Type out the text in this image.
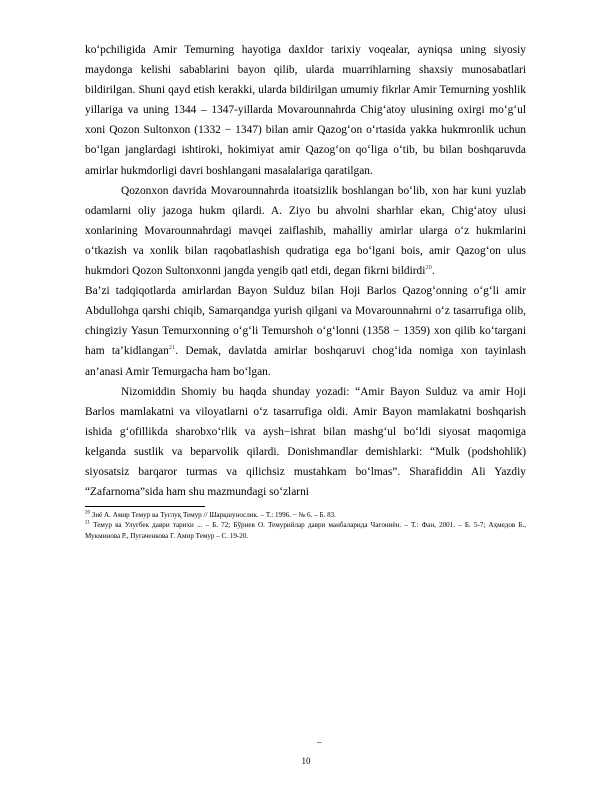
ko‘pchiligida Amir Temurning hayotiga daxldor tarixiy voqealar, ayniqsa uning siyosiy maydonga kelishi sabablarini bayon qilib, ularda muarrihlarning shaxsiy munosabatlari bildirilgan. Shuni qayd etish kerakki, ularda bildirilgan umumiy fikrlar Amir Temurning yoshlik yillariga va uning 1344 – 1347-yillarda Movarounnahrda Chig‘atoy ulusining oxirgi mo‘g‘ul xoni Qozon Sultonxon (1332 − 1347) bilan amir Qazog‘on o‘rtasida yakka hukmronlik uchun bo‘lgan janglardagi ishtiroki, hokimiyat amir Qazog‘on qo‘liga o‘tib, bu bilan boshqaruvda amirlar hukmdorligi davri boshlangani masalalariga qaratilgan.

Qozonxon davrida Movarounnahrda itoatsizlik boshlangan bo‘lib, xon har kuni yuzlab odamlarni oliy jazoga hukm qilardi. A. Ziyo bu ahvolni sharhlar ekan, Chig‘atoy ulusi xonlarining Movarounnahrdagi mavqei zaiflashib, mahalliy amirlar ularga o‘z hukmlarini o‘tkazish va xonlik bilan raqobatlashish qudratiga ega bo‘lgani bois, amir Qazog‘on ulus hukmdori Qozon Sultonxonni jangda yengib qatl etdi, degan fikrni bildirdi$^{20}$.

Ba’zi tadqiqotlarda amirlardan Bayon Sulduz bilan Hoji Barlos Qazog‘onning o‘g‘li amir Abdullohga qarshi chiqib, Samarqandga yurish qilgani va Movarounnahrni o‘z tasarrufiga olib, chingiziy Yasun Temurxonning o‘g‘li Temurshoh o‘g‘lonni (1358 − 1359) xon qilib ko‘targani ham ta’kidlangan$^{21}$. Demak, davlatda amirlar boshqaruvi chog‘ida nomiga xon tayinlash an’anasi Amir Temurgacha ham bo‘lgan.

Nizomiddin Shomiy bu haqda shunday yozadi: “Amir Bayon Sulduz va amir Hoji Barlos mamlakatni va viloyatlarni o‘z tasarrufiga oldi. Amir Bayon mamlakatni boshqarish ishida g‘ofillikda sharobxo‘rlik va aysh−ishrat bilan mashg‘ul bo‘ldi siyosat maqomiga kelganda sustlik va beparvolik qilardi. Donishmandlar demishlarki: “Mulk (podshohlik) siyosatsiz barqaror turmas va qilichsiz mustahkam bo‘lmas”. Sharafiddin Ali Yazdiy “Zafarnoma”sida ham shu mazmundagi so‘zlarni

$^{20}$ Зиё А. Амир Темур ва Туғлуқ Темур // Шарқшунослик. – Т.: 1996. − № 6. – Б. 83.

$^{21}$ Темур ва Улуғбек даври тарихи ... – Б. 72; Бўриев О. Темурийлар даври манбаларида Чағониён. – Т.: Фан, 2001. – Б. 5-7; Аҳмедов Б., Мукминова Р., Пугаченкова Г. Амир Темур – С. 19-20.

–
10
